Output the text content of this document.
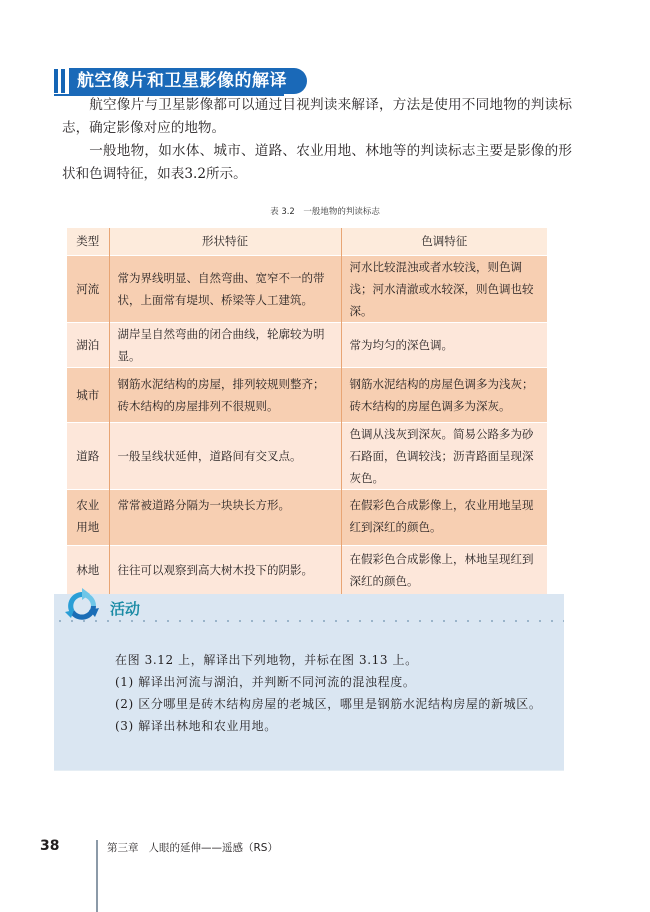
航空像片和卫星影像的解译

航空像片与卫星影像都可以通过目视判读来解译，方法是使用不同地物的判读标志，确定影像对应的地物。

一般地物，如水体、城市、道路、农业用地、林地等的判读标志主要是影像的形状和色调特征，如表3.2所示。

表 3.2　一般地物的判读标志
类型	形状特征	色调特征
河流	常为界线明显、自然弯曲、宽窄不一的带状，上面常有堤坝、桥梁等人工建筑。	河水比较混浊或者水较浅，则色调浅；河水清澈或水较深，则色调也较深。
湖泊	湖岸呈自然弯曲的闭合曲线，轮廓较为明显。	常为均匀的深色调。
城市	钢筋水泥结构的房屋，排列较规则整齐；砖木结构的房屋排列不很规则。	钢筋水泥结构的房屋色调多为浅灰；砖木结构的房屋色调多为深灰。
道路	一般呈线状延伸，道路间有交叉点。	色调从浅灰到深灰。简易公路多为砂石路面，色调较浅；沥青路面呈现深灰色。
农业用地	常常被道路分隔为一块块长方形。	在假彩色合成影像上，农业用地呈现红到深红的颜色。
林地	往往可以观察到高大树木投下的阴影。	在假彩色合成影像上，林地呈现红到深红的颜色。
活动
在图 3.12 上，解译出下列地物，并标在图 3.13 上。
(1) 解译出河流与湖泊，并判断不同河流的混浊程度。
(2) 区分哪里是砖木结构房屋的老城区，哪里是钢筋水泥结构房屋的新城区。
(3) 解译出林地和农业用地。
38	第三章 人眼的延伸——遥感（RS）
